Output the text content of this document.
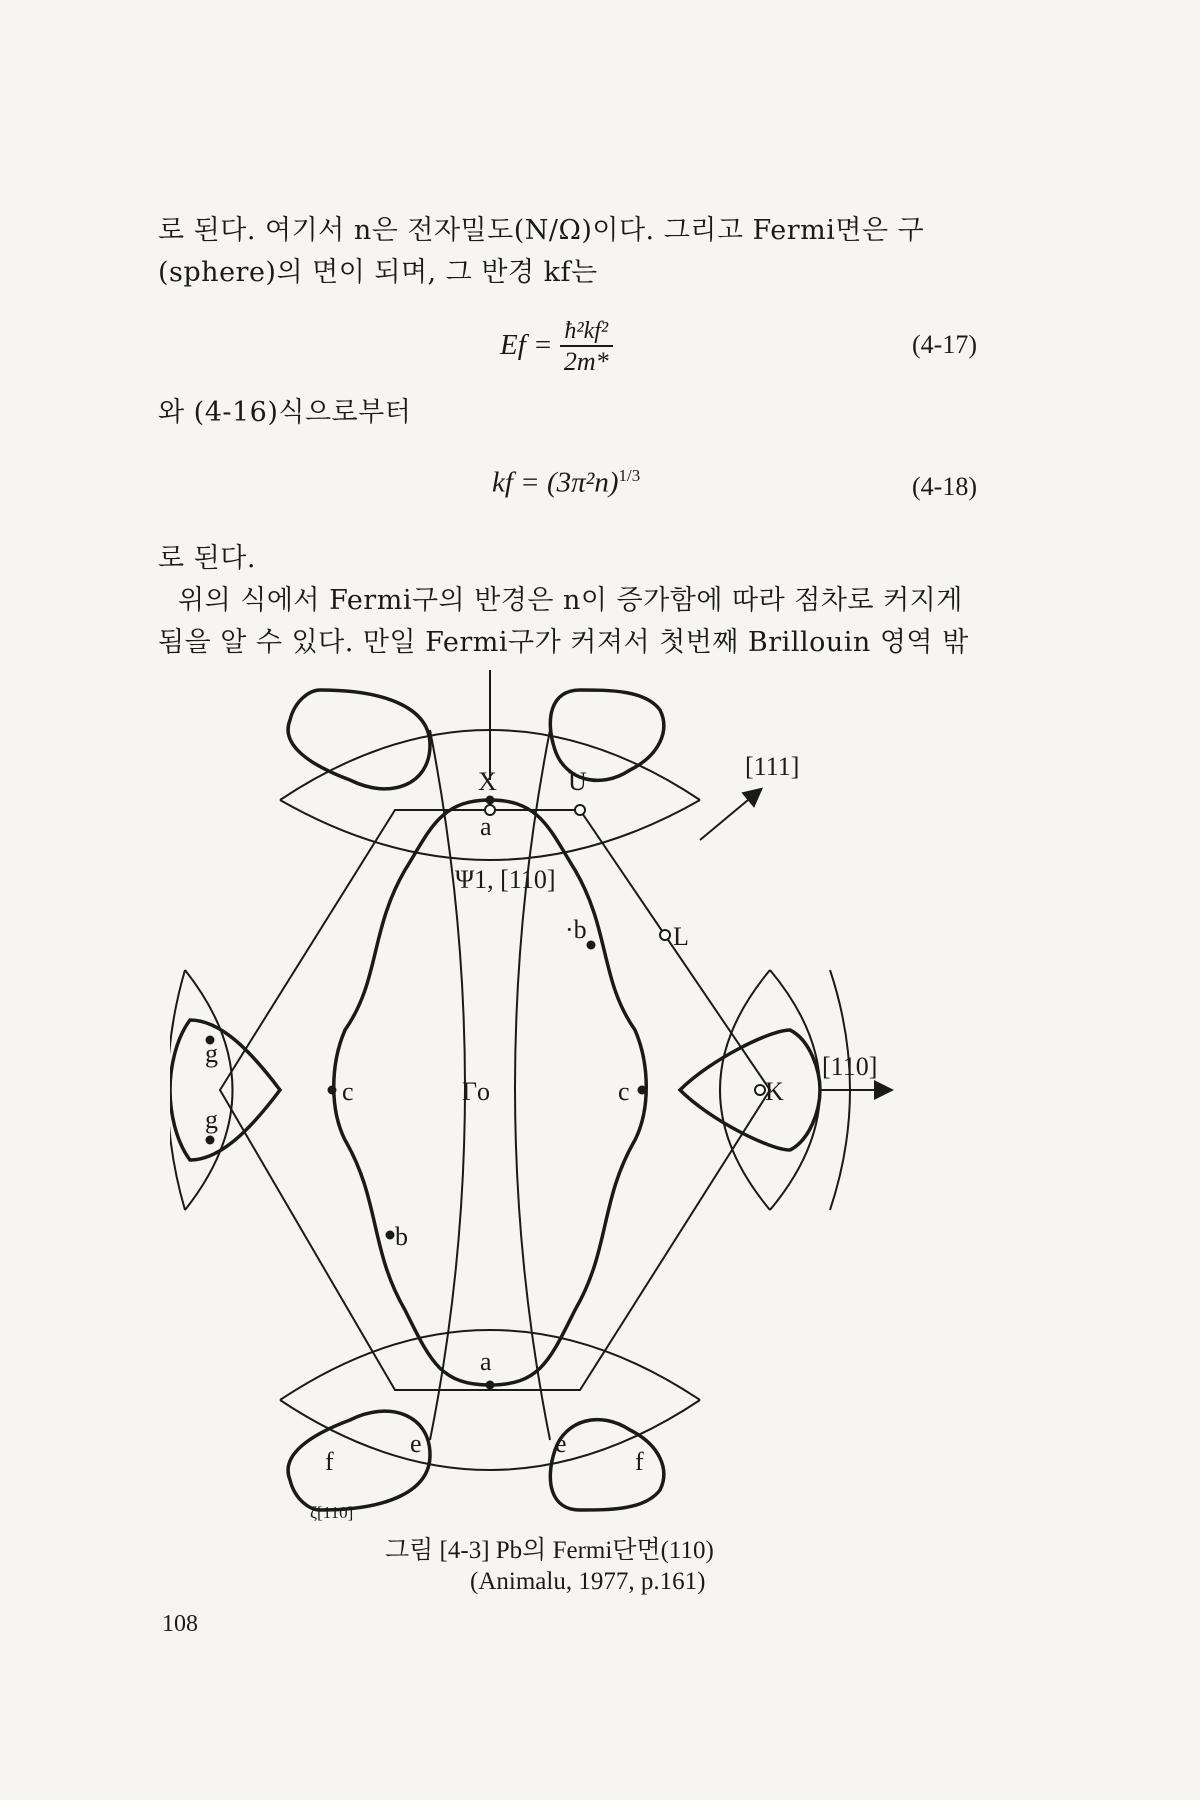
로 된다. 여기서 n은 전자밀도(N/Ω)이다. 그리고 Fermi면은 구
(sphere)의 면이 되며, 그 반경 kf는
$Ef = \frac{\text{ħ²kf²}}{2m*}$	(4-17)
와 (4-16)식으로부터
kf = $(3\pi^2n)^{1/3}$	(4-18)
로 된다.
위의 식에서 Fermi구의 반경은 n이 증가함에 따라 점차로 커지게
됨을 알 수 있다. 만일 Fermi구가 커져서 첫번째 Brillouin 영역 밖
[111]
[110]
X	U
L
K
Γo
a
a
·b
b
c	c
g
g
e	e
f	f
Ψ1, [110]
ζ[110]
그림 [4-3] Pb의 Fermi단면(110)
(Animalu, 1977, p.161)
108
